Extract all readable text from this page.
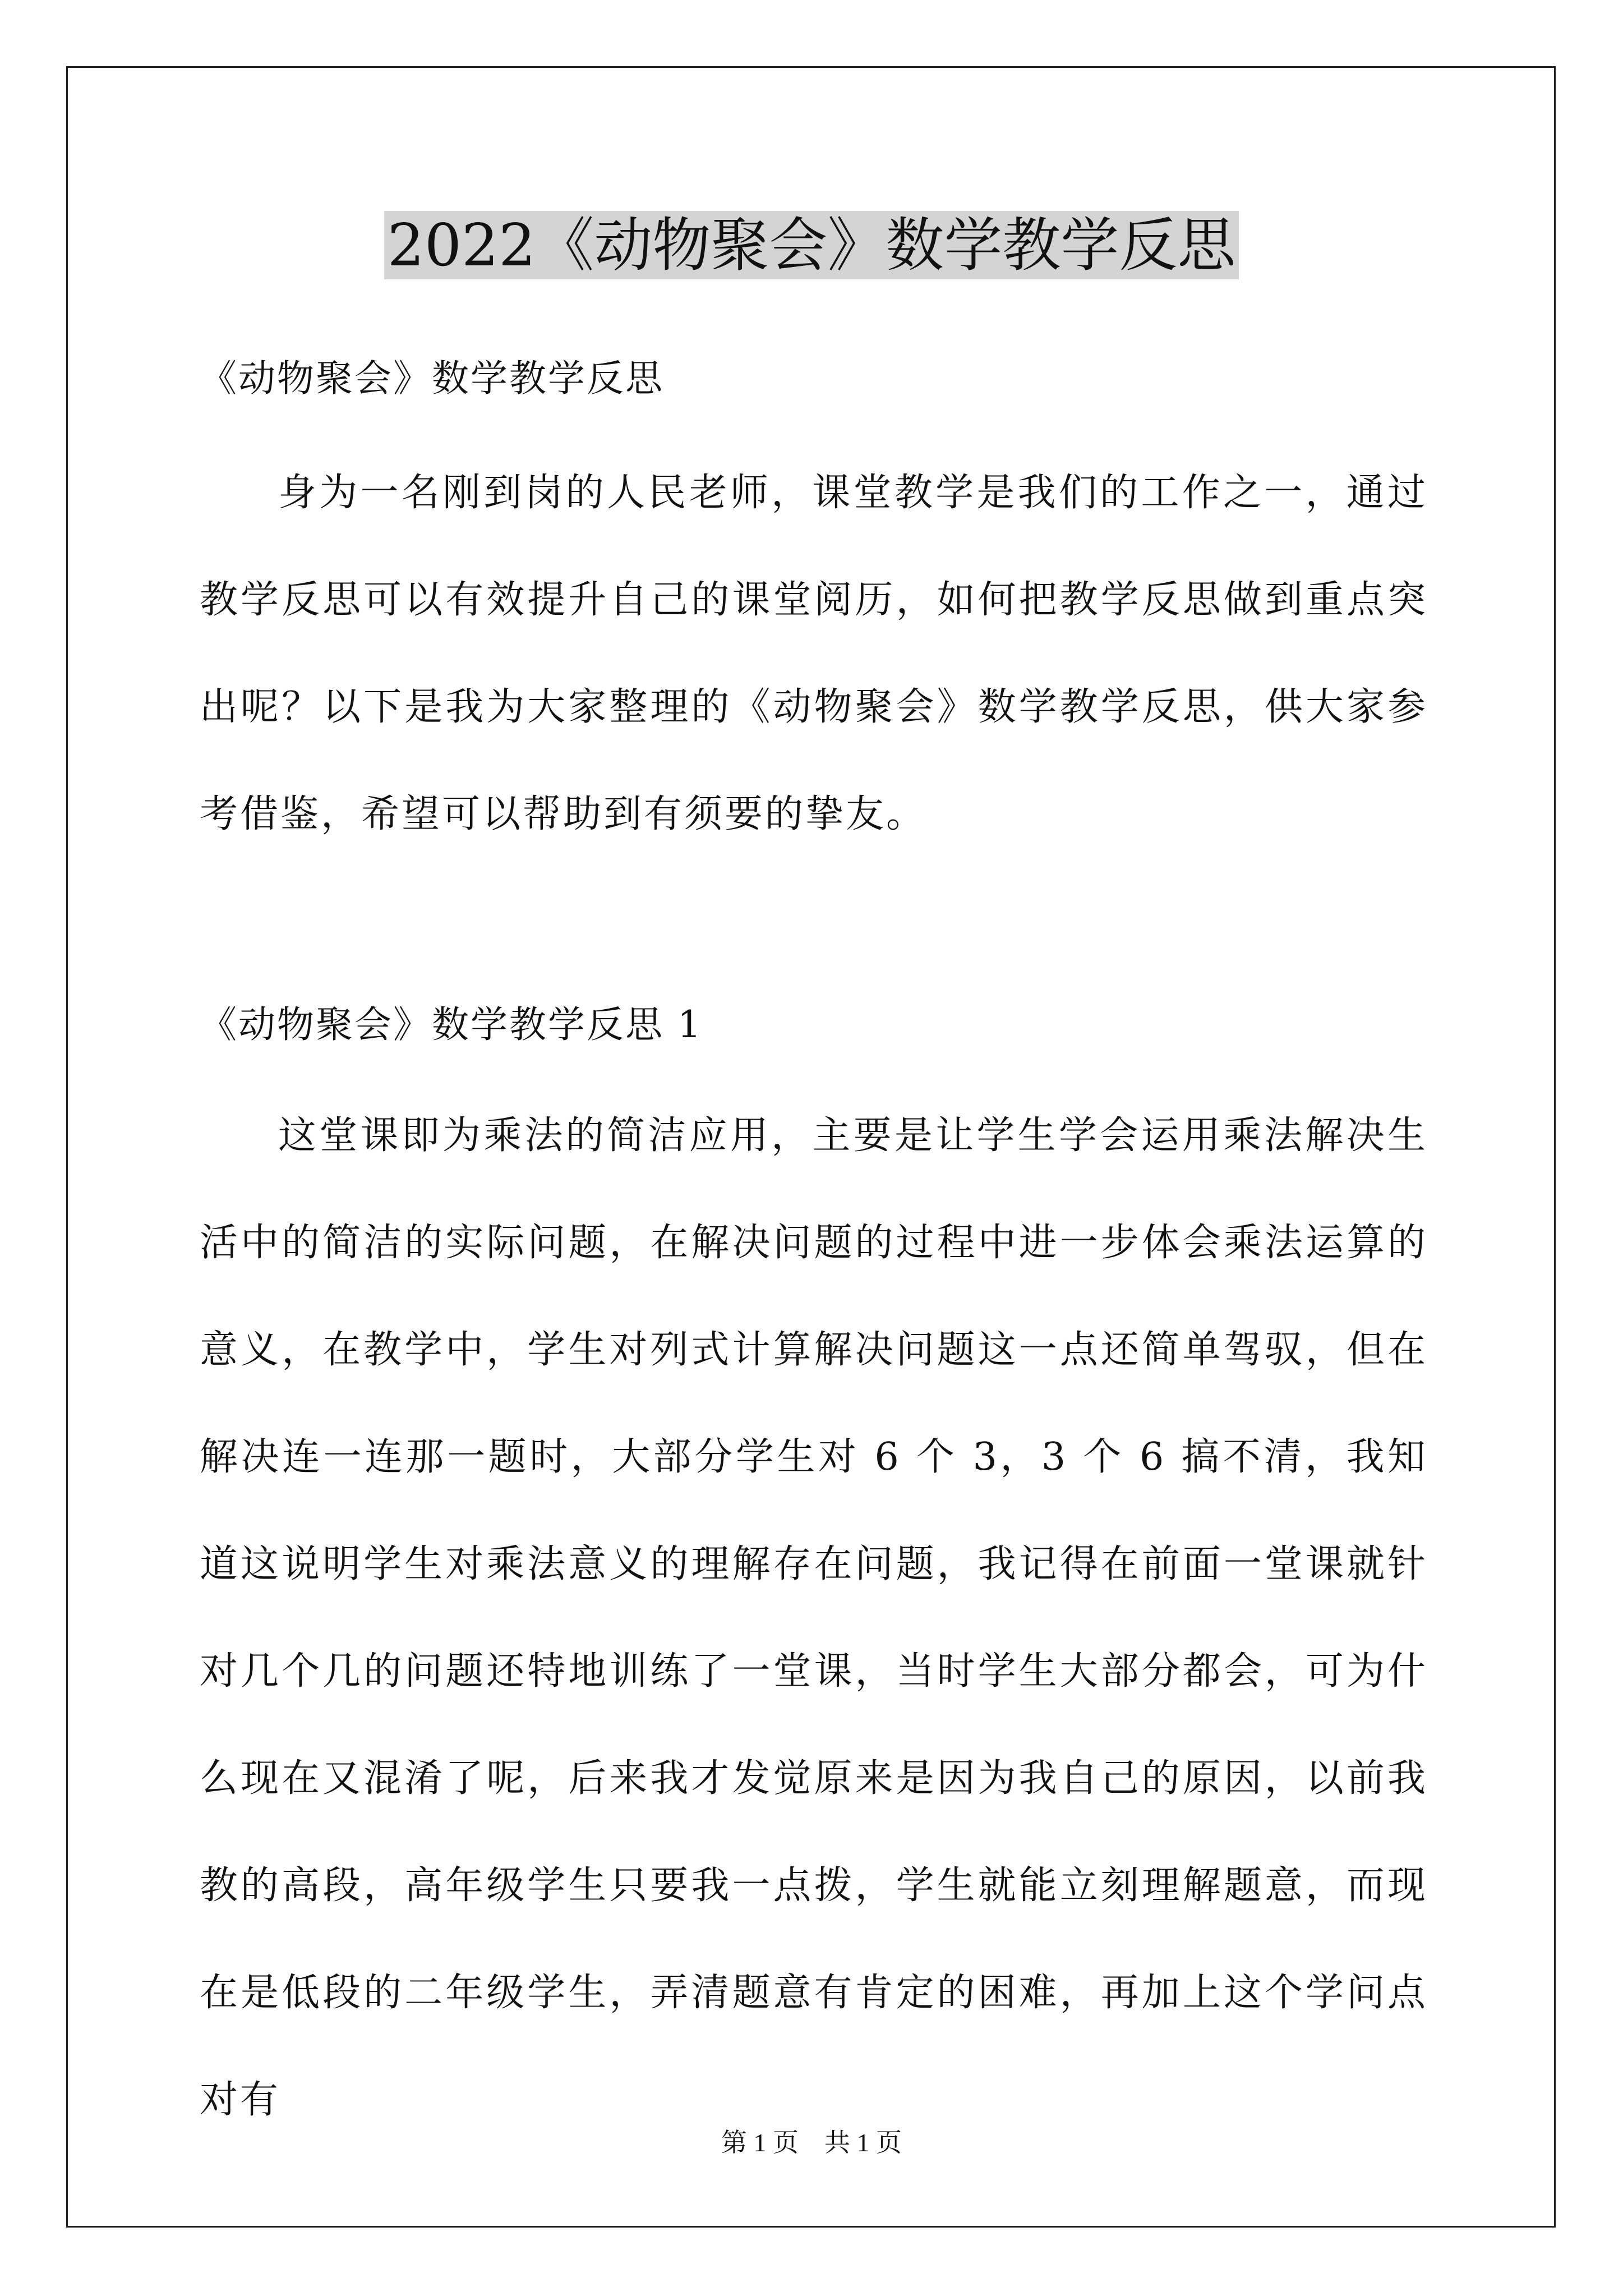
2022《动物聚会》数学教学反思
《动物聚会》数学教学反思
身为一名刚到岗的人民老师，课堂教学是我们的工作之一，通过教学反思可以有效提升自己的课堂阅历，如何把教学反思做到重点突出呢？以下是我为大家整理的《动物聚会》数学教学反思，供大家参考借鉴，希望可以帮助到有须要的挚友。
《动物聚会》数学教学反思 1
这堂课即为乘法的简洁应用，主要是让学生学会运用乘法解决生活中的简洁的实际问题，在解决问题的过程中进一步体会乘法运算的意义，在教学中，学生对列式计算解决问题这一点还简单驾驭，但在解决连一连那一题时，大部分学生对 6 个 3，3 个 6 搞不清，我知道这说明学生对乘法意义的理解存在问题，我记得在前面一堂课就针对几个几的问题还特地训练了一堂课，当时学生大部分都会，可为什么现在又混淆了呢，后来我才发觉原来是因为我自己的原因，以前我教的高段，高年级学生只要我一点拨，学生就能立刻理解题意，而现在是低段的二年级学生，弄清题意有肯定的困难，再加上这个学问点对有
第 1 页 共 1 页
